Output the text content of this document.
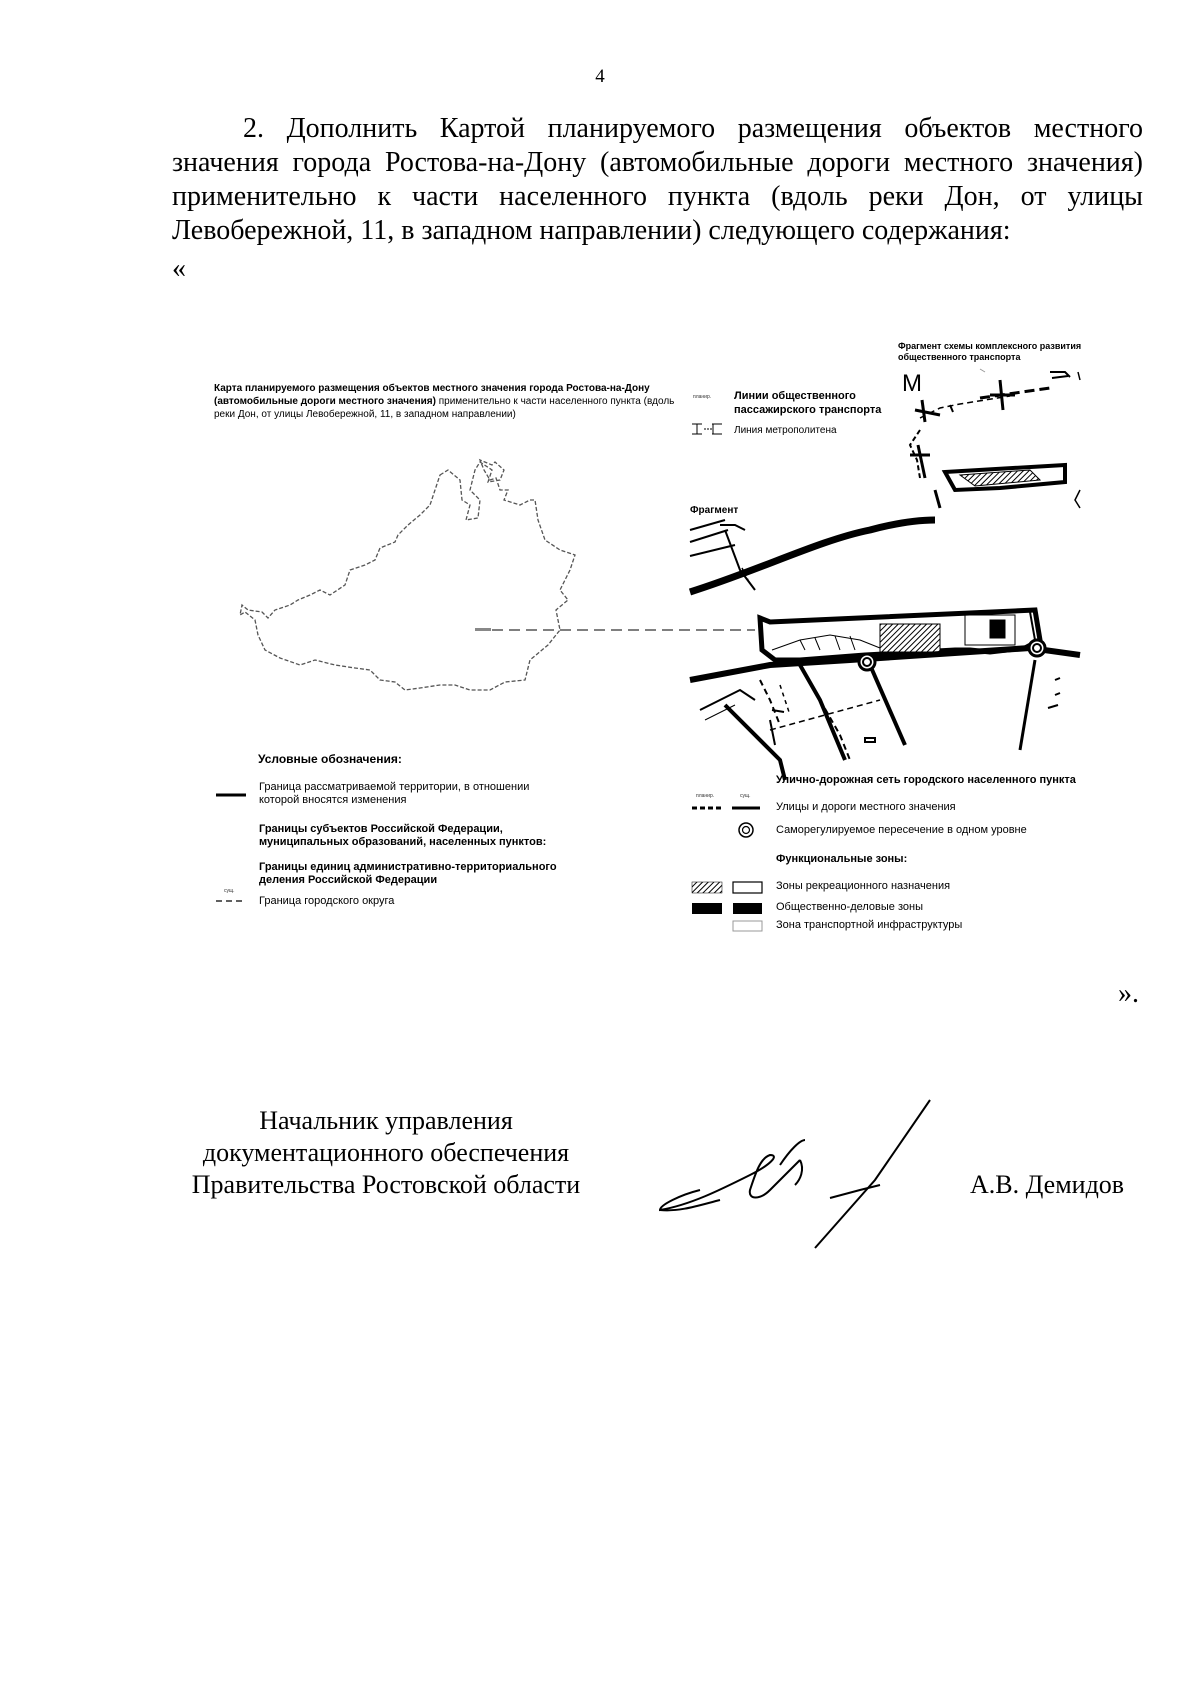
4
2. Дополнить Картой планируемого размещения объектов местного
значения города Ростова-на-Дону (автомобильные дороги местного значения)
применительно к части населенного пункта (вдоль реки Дон, от улицы
Левобережной, 11, в западном направлении) следующего содержания:
«
Карта планируемого размещения объектов местного значения города Ростова-на-Дону (автомобильные дороги местного значения) применительно к части населенного пункта (вдоль реки Дон, от улицы Левобережной, 11, в западном направлении)
Фрагмент схемы комплексного развития
общественного транспорта
планир. Линии общественного
пассажирского транспорта
Линия метрополитена
Фрагмент
M
Условные обозначения:
Граница рассматриваемой территории, в отношении
которой вносятся изменения
Границы субъектов Российской Федерации,
муниципальных образований, населенных пунктов:
Границы единиц административно-территориального
деления Российской Федерации
сущ.
Граница городского округа
Улично-дорожная сеть городского населенного пункта
планир.	сущ.
Улицы и дороги местного значения
Саморегулируемое пересечение в одном уровне
Функциональные зоны:
Зоны рекреационного назначения
Общественно-деловые зоны
Зона транспортной инфраструктуры
».
Начальник управления
документационного обеспечения
Правительства Ростовской области	А.В. Демидов
